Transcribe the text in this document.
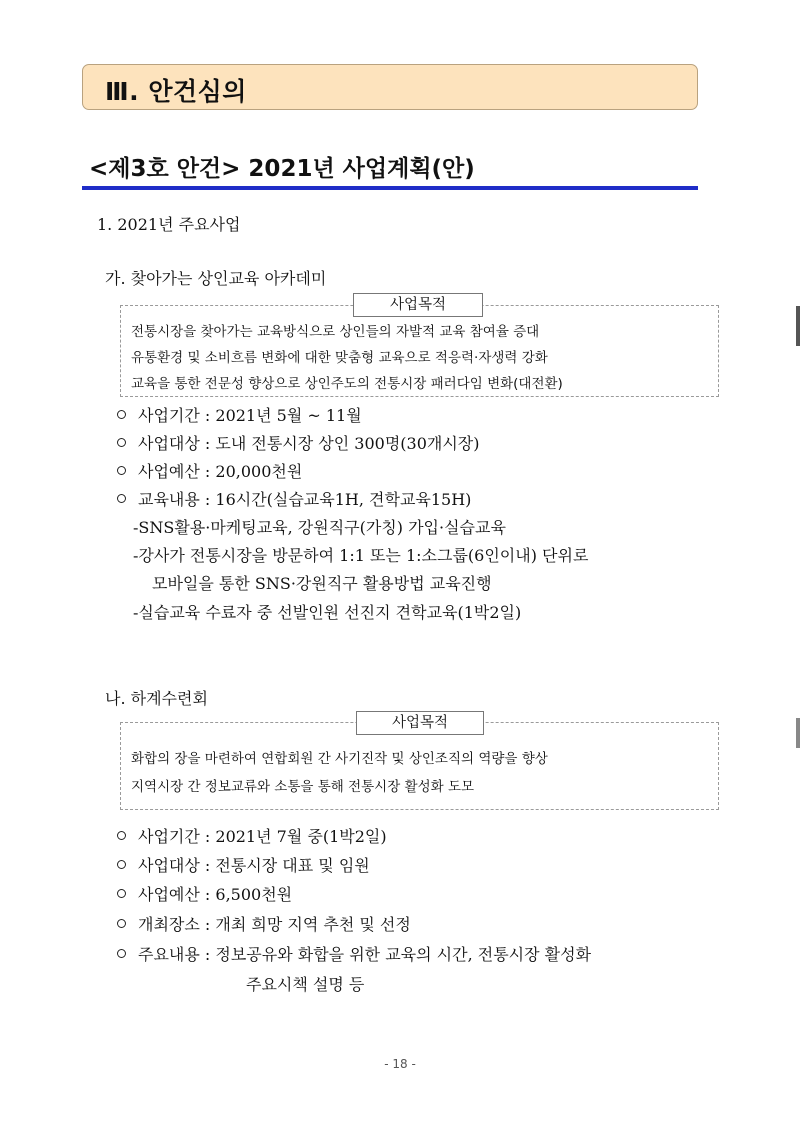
Ⅲ. 안건심의
<제3호 안건> 2021년 사업계획(안)
1. 2021년 주요사업
가. 찾아가는 상인교육 아카데미
전통시장을 찾아가는 교육방식으로 상인들의 자발적 교육 참여율 증대
유통환경 및 소비흐름 변화에 대한 맞춤형 교육으로 적응력·자생력 강화
교육을 통한 전문성 향상으로 상인주도의 전통시장 패러다임 변화(대전환)
사업목적
사업기간 : 2021년 5월 ~ 11월
사업대상 : 도내 전통시장 상인 300명(30개시장)
사업예산 : 20,000천원
교육내용 : 16시간(실습교육1H, 견학교육15H)
-SNS활용·마케팅교육, 강원직구(가칭) 가입·실습교육
-강사가 전통시장을 방문하여 1:1 또는 1:소그룹(6인이내) 단위로
모바일을 통한 SNS·강원직구 활용방법 교육진행
-실습교육 수료자 중 선발인원 선진지 견학교육(1박2일)
나. 하계수련회
화합의 장을 마련하여 연합회원 간 사기진작 및 상인조직의 역량을 향상
지역시장 간 정보교류와 소통을 통해 전통시장 활성화 도모
사업목적
사업기간 : 2021년 7월 중(1박2일)
사업대상 : 전통시장 대표 및 임원
사업예산 : 6,500천원
개최장소 : 개최 희망 지역 추천 및 선정
주요내용 : 정보공유와 화합을 위한 교육의 시간, 전통시장 활성화
주요시책 설명 등
- 18 -
